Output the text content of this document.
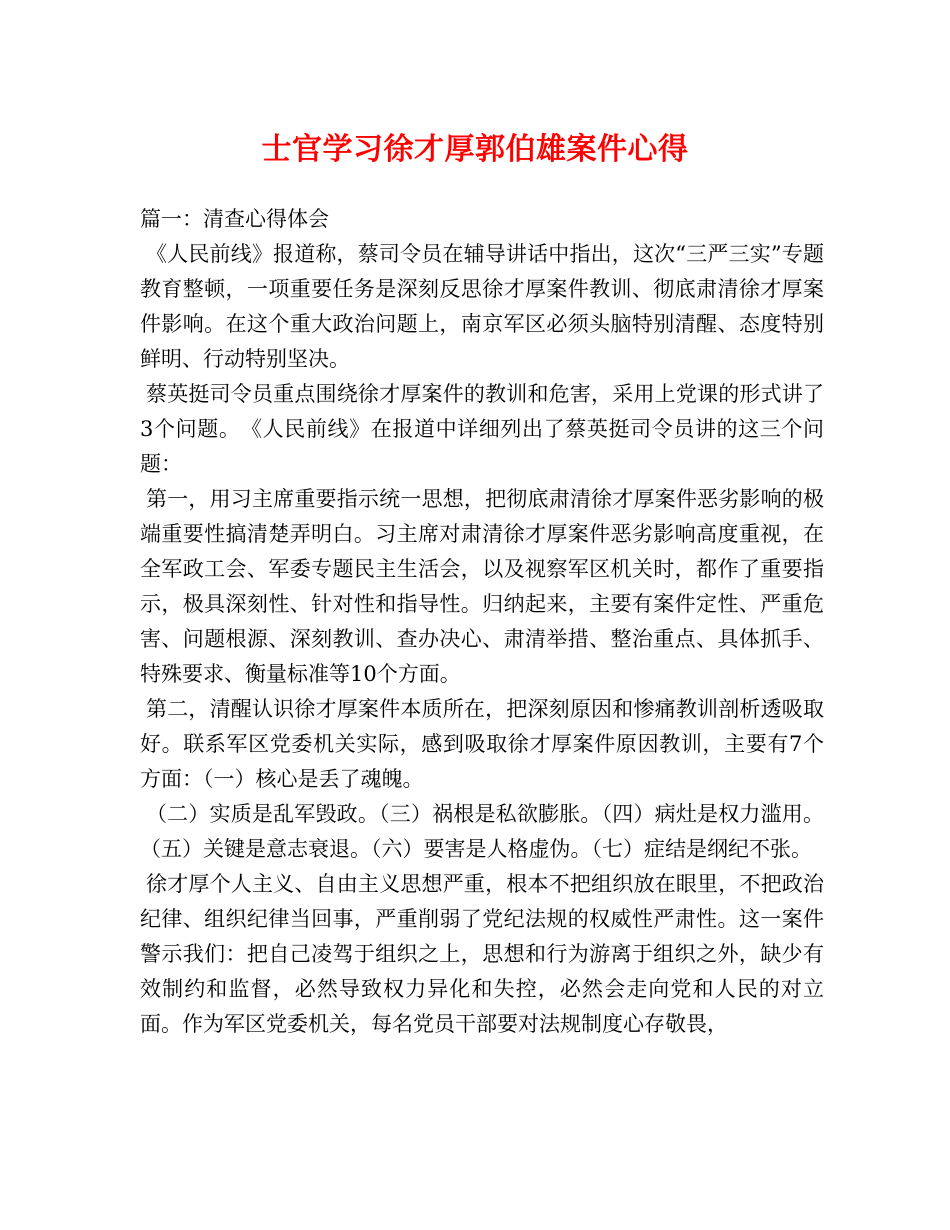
士官学习徐才厚郭伯雄案件心得

篇一：清查心得体会

《人民前线》报道称，蔡司令员在辅导讲话中指出，这次“三严三实”专题教育整顿，一项重要任务是深刻反思徐才厚案件教训、彻底肃清徐才厚案件影响。在这个重大政治问题上，南京军区必须头脑特别清醒、态度特别鲜明、行动特别坚决。

蔡英挺司令员重点围绕徐才厚案件的教训和危害，采用上党课的形式讲了3个问题。　《人民前线》在报道中详细列出了蔡英挺司令员讲的这三个问题：

第一，用习主席重要指示统一思想，把彻底肃清徐才厚案件恶劣影响的极端重要性搞清楚弄明白。习主席对肃清徐才厚案件恶劣影响高度重视，在全军政工会、军委专题民主生活会，以及视察军区机关时，都作了重要指示，极具深刻性、针对性和指导性。归纳起来，主要有案件定性、严重危害、问题根源、深刻教训、查办决心、肃清举措、整治重点、具体抓手、特殊要求、衡量标准等10个方面。

第二，清醒认识徐才厚案件本质所在，把深刻原因和惨痛教训剖析透吸取好。联系军区党委机关实际，感到吸取徐才厚案件原因教训，主要有7个方面：（一）核心是丢了魂魄。

（二）实质是乱军毁政。（三）祸根是私欲膨胀。（四）病灶是权力滥用。（五）关键是意志衰退。（六）要害是人格虚伪。（七）症结是纲纪不张。

徐才厚个人主义、自由主义思想严重，根本不把组织放在眼里，不把政治纪律、组织纪律当回事，严重削弱了党纪法规的权威性严肃性。这一案件警示我们：把自己凌驾于组织之上，思想和行为游离于组织之外，缺少有效制约和监督，必然导致权力异化和失控，必然会走向党和人民的对立面。作为军区党委机关，每名党员干部要对法规制度心存敬畏，
